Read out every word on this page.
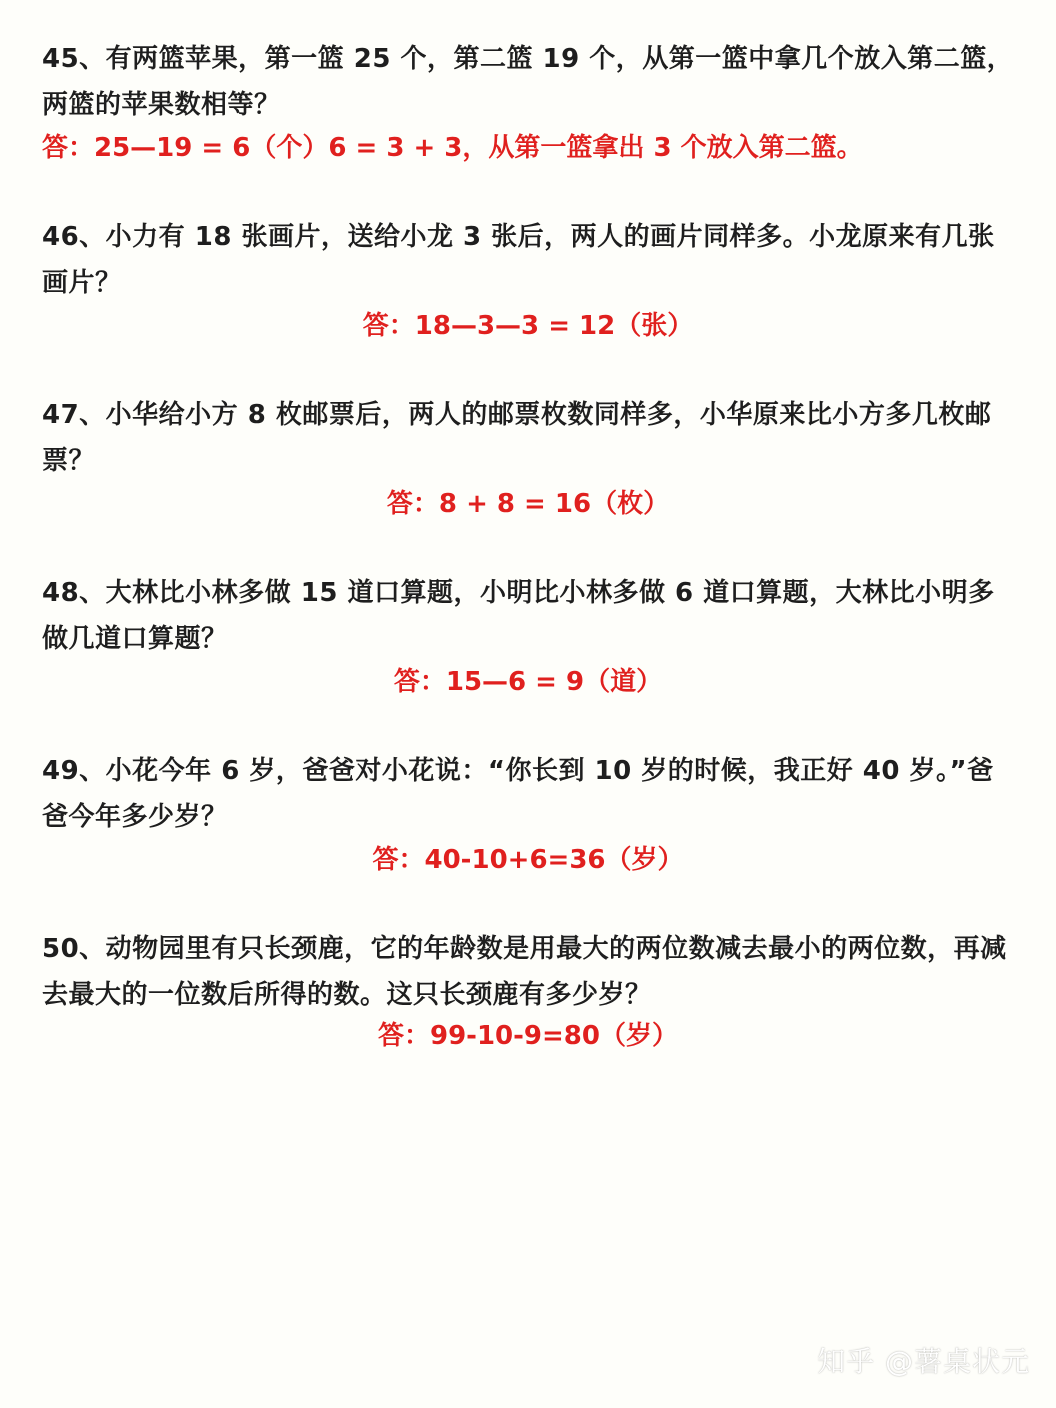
45、有两篮苹果，第一篮 25 个，第二篮 19 个，从第一篮中拿几个放入第二篮，两篮的苹果数相等？

答：25—19 = 6（个）6 = 3 + 3，从第一篮拿出 3 个放入第二篮。

46、小力有 18 张画片，送给小龙 3 张后，两人的画片同样多。小龙原来有几张画片？

答：18—3—3 = 12（张）

47、小华给小方 8 枚邮票后，两人的邮票枚数同样多，小华原来比小方多几枚邮票？

答：8 + 8 = 16（枚）

48、大林比小林多做 15 道口算题，小明比小林多做 6 道口算题，大林比小明多做几道口算题？

答：15—6 = 9（道）

49、小花今年 6 岁，爸爸对小花说：“你长到 10 岁的时候，我正好 40 岁。”爸爸今年多少岁？

答：40-10+6=36（岁）

50、动物园里有只长颈鹿，它的年龄数是用最大的两位数减去最小的两位数，再减去最大的一位数后所得的数。这只长颈鹿有多少岁？

答：99-10-9=80（岁）

知乎 @薯桌状元
